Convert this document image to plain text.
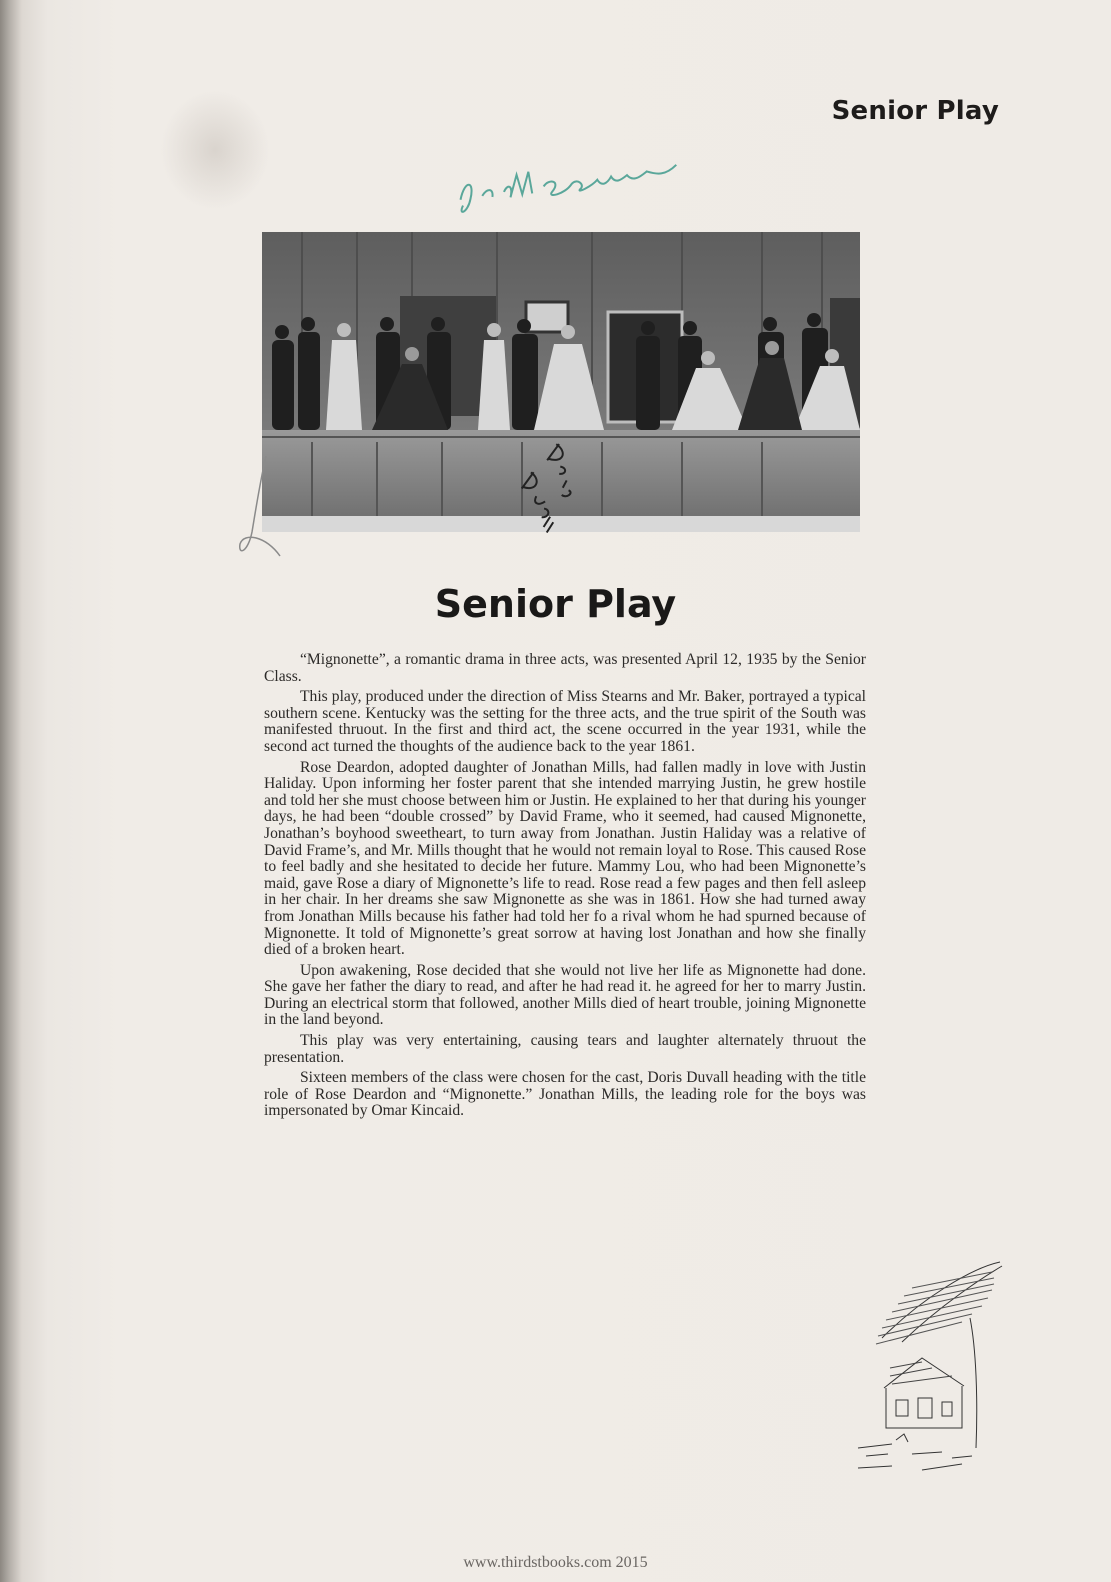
Senior Play
Senior Play

“Mignonette”, a romantic drama in three acts, was presented April 12, 1935 by the Senior Class.

This play, produced under the direction of Miss Stearns and Mr. Baker, portrayed a typical southern scene. Kentucky was the setting for the three acts, and the true spirit of the South was manifested thruout. In the first and third act, the scene occurred in the year 1931, while the second act turned the thoughts of the audience back to the year 1861.

Rose Deardon, adopted daughter of Jonathan Mills, had fallen madly in love with Justin Haliday. Upon informing her foster parent that she intended marrying Justin, he grew hostile and told her she must choose between him or Justin. He explained to her that during his younger days, he had been “double crossed” by David Frame, who it seemed, had caused Mignonette, Jonathan’s boyhood sweetheart, to turn away from Jonathan. Justin Haliday was a relative of David Frame’s, and Mr. Mills thought that he would not remain loyal to Rose. This caused Rose to feel badly and she hesitated to decide her future. Mammy Lou, who had been Mignonette’s maid, gave Rose a diary of Mignonette’s life to read. Rose read a few pages and then fell asleep in her chair. In her dreams she saw Mignonette as she was in 1861. How she had turned away from Jonathan Mills because his father had told her fo a rival whom he had spurned because of Mignonette. It told of Mignonette’s great sorrow at having lost Jonathan and how she finally died of a broken heart.

Upon awakening, Rose decided that she would not live her life as Mignonette had done. She gave her father the diary to read, and after he had read it. he agreed for her to marry Justin. During an electrical storm that followed, another Mills died of heart trouble, joining Mignonette in the land beyond.

This play was very entertaining, causing tears and laughter alternately thruout the presentation.

Sixteen members of the class were chosen for the cast, Doris Duvall heading with the title role of Rose Deardon and “Mignonette.” Jonathan Mills, the leading role for the boys was impersonated by Omar Kincaid.

www.thirdstbooks.com 2015
